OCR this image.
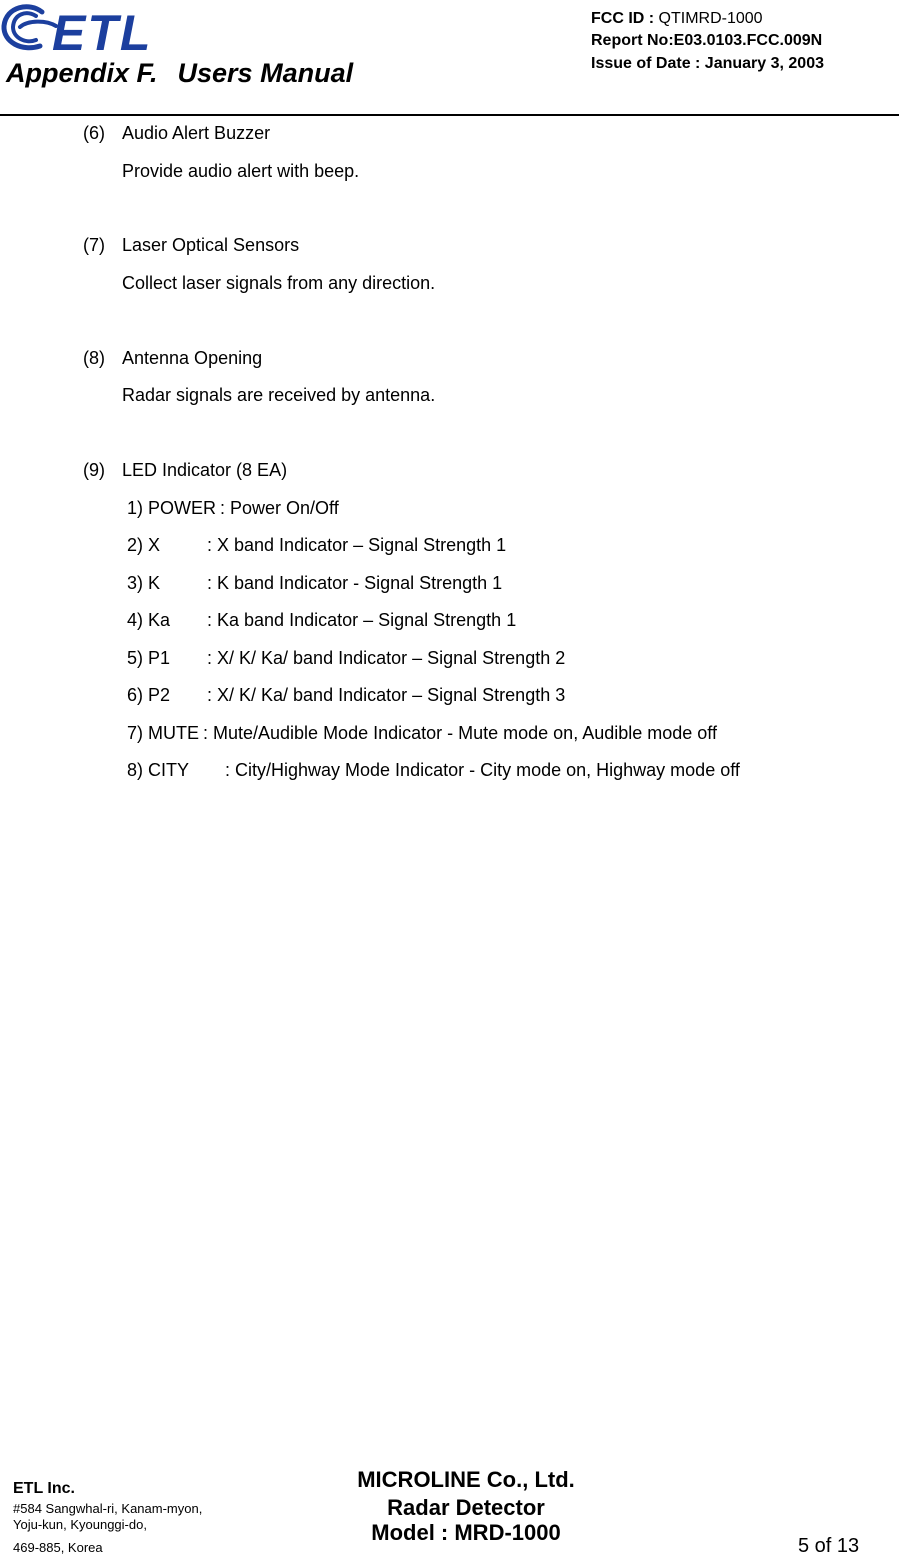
ETL
Appendix F. Users Manual
FCC ID : QTIMRD-1000
Report No:E03.0103.FCC.009N
Issue of Date : January 3, 2003
(6) Audio Alert Buzzer
Provide audio alert with beep.
(7) Laser Optical Sensors
Collect laser signals from any direction.
(8) Antenna Opening
Radar signals are received by antenna.
(9) LED Indicator (8 EA)
1) POWER : Power On/Off
2) X	: X band Indicator – Signal Strength 1
3) K	: K band Indicator - Signal Strength 1
4) Ka : Ka band Indicator – Signal Strength 1
5) P1 : X/ K/ Ka/ band Indicator – Signal Strength 2
6) P2 : X/ K/ Ka/ band Indicator – Signal Strength 3
7) MUTE : Mute/Audible Mode Indicator - Mute mode on, Audible mode off
8) CITY : City/Highway Mode Indicator - City mode on, Highway mode off
ETL Inc.
#584 Sangwhal-ri, Kanam-myon,
Yoju-kun, Kyounggi-do,
469-885, Korea
MICROLINE Co., Ltd.
Radar Detector
Model : MRD-1000
5 of 13
